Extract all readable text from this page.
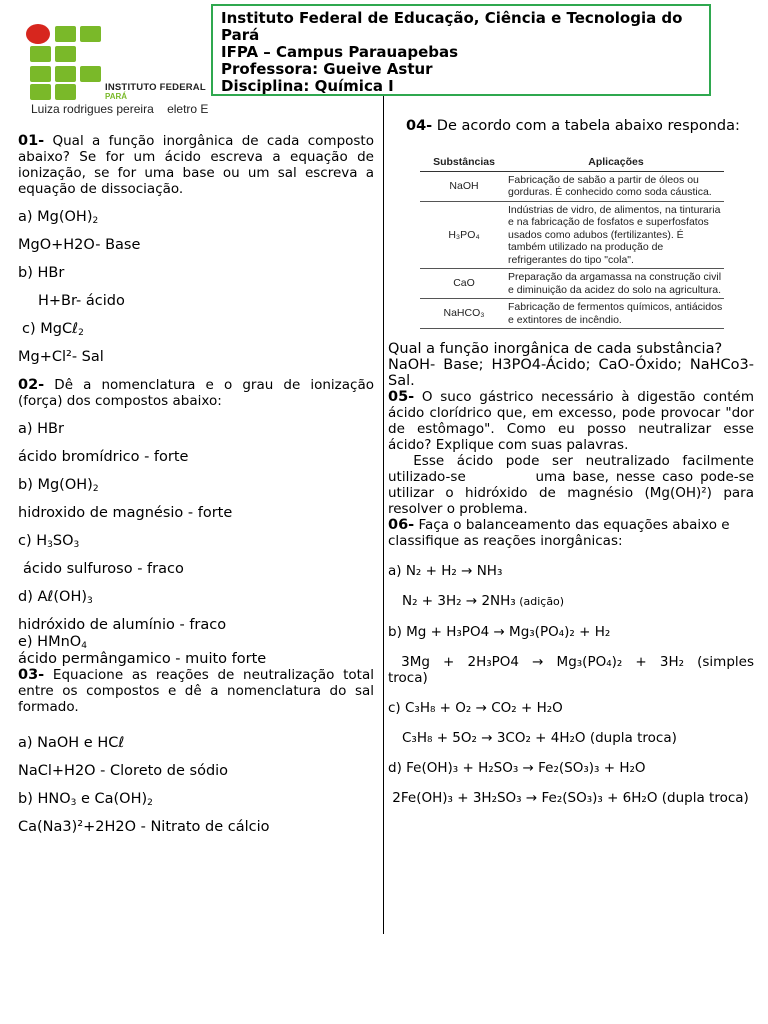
INSTITUTO FEDERAL
PARÁ
Luiza rodrigues pereira    eletro E
Instituto Federal de Educação, Ciência e Tecnologia do
Pará
IFPA – Campus Parauapebas
Professora: Gueive Astur
Disciplina: Química I
01- Qual a função inorgânica de cada composto abaixo? Se for um ácido escreva a equação de ionização, se for uma base ou um sal escreva a equação de dissociação.
a) $Mg(OH)_2$
MgO+H2O- Base
b) HBr
H+Br- ácido
c) MgCℓ$_2$
Mg+Cl²- Sal
02- Dê a nomenclatura e o grau de ionização (força) dos compostos abaixo:
a) HBr
ácido bromídrico - forte
b) $Mg(OH)_2$
hidroxido de magnésio - forte
c) $H_3SO_3$
ácido sulfuroso - fraco
d) $A\ell(OH)_3$
hidróxido de alumínio - fraco
e) HMnO$_4$
ácido permângamico - muito forte
03- Equacione as reações de neutralização total entre os compostos e dê a nomenclatura do sal formado.
a) NaOH e HCℓ
NaCl+H2O - Cloreto de sódio
b) $HNO_3$ e $Ca(OH)_2$
Ca(Na3)²+2H2O - Nitrato de cálcio
04- De acordo com a tabela abaixo responda:
Substâncias	Aplicações
NaOH
Fabricação de sabão a partir de óleos ou gorduras. É conhecido como soda cáustica.
H₃PO₄
Indústrias de vidro, de alimentos, na tinturaria e na fabricação de fosfatos e superfosfatos usados como adubos (fertilizantes). É também utilizado na produção de refrigerantes do tipo "cola".
CaO
Preparação da argamassa na construção civil e diminuição da acidez do solo na agricultura.
NaHCO₃
Fabricação de fermentos químicos, antiácidos e extintores de incêndio.
Qual a função inorgânica de cada substância?
NaOH- Base; H3PO4-Ácido; CaO-Óxido; NaHCo3- Sal.
05- O suco gástrico necessário à digestão contém ácido clorídrico que, em excesso, pode provocar "dor de estômago". Como eu posso neutralizar esse ácido? Explique com suas palavras.
Esse ácido pode ser neutralizado facilmente utilizado-se          uma base, nesse caso pode-se utilizar o hidróxido de magnésio (Mg(OH)²) para resolver o problema.
06- Faça o balanceamento das equações abaixo e classifique as reações inorgânicas:
a) N₂ + H₂ → NH₃
N₂ + 3H₂ → 2NH₃ (adição)
b) Mg + H₃PO4 → Mg₃(PO₄)₂ + H₂
3Mg  +  2H₃PO4  →  Mg₃(PO₄)₂  +  3H₂  (simples troca)
c) C₃H₈ + O₂ → CO₂ + H₂O
C₃H₈ + 5O₂ → 3CO₂ + 4H₂O (dupla troca)
d) Fe(OH)₃ + H₂SO₃ → Fe₂(SO₃)₃ + H₂O
2Fe(OH)₃ + 3H₂SO₃ → Fe₂(SO₃)₃ + 6H₂O (dupla troca)
